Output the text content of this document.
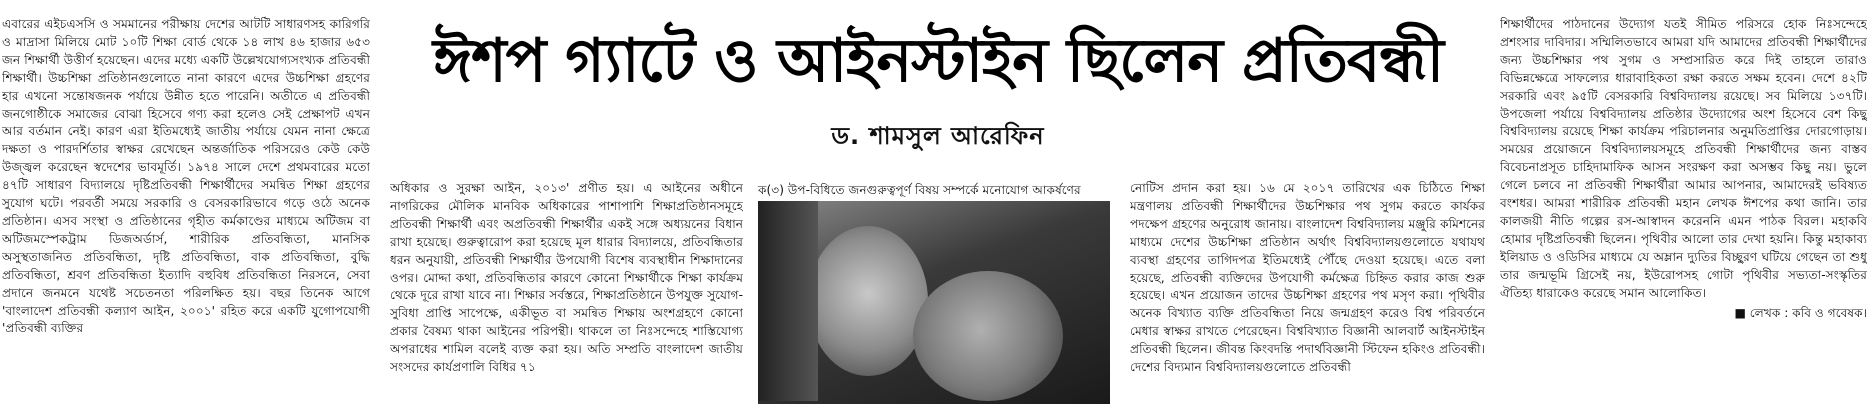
এবারের এইচএসসি ও সমমানের পরীক্ষায় দেশের আটটি সাধারণসহ কারিগরি ও মাদ্রাসা মিলিয়ে মোট ১০টি শিক্ষা বোর্ড থেকে ১৪ লাখ ৪৬ হাজার ৬৫৩ জন শিক্ষার্থী উত্তীর্ণ হয়েছেন। এদের মধ্যে একটি উল্লেখযোগ্যসংখ্যক প্রতিবন্ধী শিক্ষার্থী। উচ্চশিক্ষা প্রতিষ্ঠানগুলোতে নানা কারণে এদের উচ্চশিক্ষা গ্রহণের হার এখনো সন্তোষজনক পর্যায়ে উন্নীত হতে পারেনি। অতীতে এ প্রতিবন্ধী জনগোষ্ঠীকে সমাজের বোঝা হিসেবে গণ্য করা হলেও সেই প্রেক্ষাপট এখন আর বর্তমান নেই। কারণ এরা ইতিমধ্যেই জাতীয় পর্যায়ে যেমন নানা ক্ষেত্রে দক্ষতা ও পারদর্শিতার স্বাক্ষর রেখেছেন অন্তর্জাতিক পরিসরেও কেউ কেউ উজ্জ্বল করেছেন স্বদেশের ভাবমূর্তি। ১৯৭৪ সালে দেশে প্রথমবারের মতো ৪৭টি সাধারণ বিদ্যালয়ে দৃষ্টিপ্রতিবন্ধী শিক্ষার্থীদের সমন্বিত শিক্ষা গ্রহণের সুযোগ ঘটে। পরবর্তী সময়ে সরকারি ও বেসরকারিভাবে গড়ে ওঠে অনেক প্রতিষ্ঠান। এসব সংস্থা ও প্রতিষ্ঠানের গৃহীত কর্মকাণ্ডের মাধ্যমে অটিজম বা অটিজমস্পেকট্রাম ডিজঅর্ডার্স, শারীরিক প্রতিবন্ধিতা, মানসিক অসুস্থতাজনিত প্রতিবন্ধিতা, দৃষ্টি প্রতিবন্ধিতা, বাক প্রতিবন্ধিতা, বুদ্ধি প্রতিবন্ধিতা, শ্রবণ প্রতিবন্ধিতা ইত্যাদি বহুবিধ প্রতিবন্ধিতা নিরসনে, সেবা প্রদানে জনমনে যথেষ্ট সচেতনতা পরিলক্ষিত হয়। বছর তিনেক আগে 'বাংলাদেশ প্রতিবন্ধী কল্যাণ আইন, ২০০১' রহিত করে একটি যুগোপযোগী 'প্রতিবন্ধী ব্যক্তির

ঈশপ গ্যাটে ও আইনস্টাইন ছিলেন প্রতিবন্ধী
ড. শামসুল আরেফিন

অধিকার ও সুরক্ষা আইন, ২০১৩' প্রণীত হয়। এ আইনের অধীনে নাগরিকের মৌলিক মানবিক অধিকারের পাশাপাশি শিক্ষাপ্রতিষ্ঠানসমূহে প্রতিবন্ধী শিক্ষার্থী এবং অপ্রতিবন্ধী শিক্ষার্থীর একই সঙ্গে অধ্যয়নের বিধান রাখা হয়েছে। গুরুত্বারোপ করা হয়েছে মূল ধারার বিদ্যালয়ে, প্রতিবন্ধিতার ধরন অনুযায়ী, প্রতিবন্ধী শিক্ষার্থীর উপযোগী বিশেষ ব্যবস্থাধীন শিক্ষাদানের ওপর। মোদ্দা কথা, প্রতিবন্ধিতার কারণে কোনো শিক্ষার্থীকে শিক্ষা কার্যক্রম থেকে দূরে রাখা যাবে না। শিক্ষার সর্বস্তরে, শিক্ষাপ্রতিষ্ঠানে উপযুক্ত সুযোগ-সুবিধা প্রাপ্তি সাপেক্ষে, একীভূত বা সমন্বিত শিক্ষায় অংশগ্রহণে কোনো প্রকার বৈষম্য থাকা আইনের পরিপন্থী। থাকলে তা নিঃসন্দেহে শাস্তিযোগ্য অপরাধের শামিল বলেই ব্যক্ত করা হয়। অতি সম্প্রতি বাংলাদেশ জাতীয় সংসদের কার্যপ্রণালি বিধির ৭১

ক(৩) উপ-বিধিতে জনগুরুত্বপূর্ণ বিষয় সম্পর্কে মনোযোগ আকর্ষণের	নোটিস প্রদান করা হয়। ১৬ মে ২০১৭ তারিখের এক চিঠিতে শিক্ষা মন্ত্রণালয় প্রতিবন্ধী শিক্ষার্থীদের উচ্চশিক্ষার পথ সুগম করতে কার্যকর পদক্ষেপ গ্রহণের অনুরোধ জানায়। বাংলাদেশ বিশ্ববিদ্যালয় মঞ্জুরি কমিশনের মাধ্যমে দেশের উচ্চশিক্ষা প্রতিষ্ঠান অর্থাৎ বিশ্ববিদ্যালয়গুলোতে যথাযথ ব্যবস্থা গ্রহণের তাগিদপত্র ইতিমধ্যেই পৌঁছে দেওয়া হয়েছে। এতে বলা হয়েছে, প্রতিবন্ধী ব্যক্তিদের উপযোগী কর্মক্ষেত্র চিহ্নিত করার কাজ শুরু হয়েছে। এখন প্রয়োজন তাদের উচ্চশিক্ষা গ্রহণের পথ মসৃণ করা। পৃথিবীর অনেক বিখ্যাত ব্যক্তি প্রতিবন্ধিতা নিয়ে জন্মগ্রহণ করেও বিশ্ব পরিবর্তনে মেধার স্বাক্ষর রাখতে পেরেছেন। বিশ্ববিখ্যাত বিজ্ঞানী আলবার্ট আইনস্টাইন প্রতিবন্ধী ছিলেন। জীবন্ত কিংবদন্তি পদার্থবিজ্ঞানী স্টিফেন হকিংও প্রতিবন্ধী। দেশের বিদ্যমান বিশ্ববিদ্যালয়গুলোতে প্রতিবন্ধী

শিক্ষার্থীদের পাঠদানের উদ্যোগ যতই সীমিত পরিসরে হোক নিঃসন্দেহে প্রশংসার দাবিদার। সম্মিলিতভাবে আমরা যদি আমাদের প্রতিবন্ধী শিক্ষার্থীদের জন্য উচ্চশিক্ষার পথ সুগম ও সম্প্রসারিত করে দিই তাহলে তারাও বিভিন্নক্ষেত্রে সাফল্যের ধারাবাহিকতা রক্ষা করতে সক্ষম হবেন। দেশে ৪২টি সরকারি এবং ৯৫টি বেসরকারি বিশ্ববিদ্যালয় রয়েছে। সব মিলিয়ে ১৩৭টি। উপজেলা পর্যায়ে বিশ্ববিদ্যালয় প্রতিষ্ঠার উদ্যোগের অংশ হিসেবে বেশ কিছু বিশ্ববিদ্যালয় রয়েছে শিক্ষা কার্যক্রম পরিচালনার অনুমতিপ্রাপ্তির দোরগোড়ায়। সময়ের প্রয়োজনে বিশ্ববিদ্যালয়সমূহে প্রতিবন্ধী শিক্ষার্থীদের জন্য বাস্তব বিবেচনাপ্রসূত চাহিদামাফিক আসন সংরক্ষণ করা অসম্ভব কিছু নয়। ভুলে গেলে চলবে না প্রতিবন্ধী শিক্ষার্থীরা আমার আপনার, আমাদেরই ভবিষ্যত বংশধর। আমরা শারীরিক প্রতিবন্ধী মহান লেখক ঈশপের কথা জানি। তার কালজয়ী নীতি গল্পের রস-আস্বাদন করেননি এমন পাঠক বিরল। মহাকবি হোমার দৃষ্টিপ্রতিবন্ধী ছিলেন। পৃথিবীর আলো তার দেখা হয়নি। কিন্তু মহাকাব্য ইলিয়াড ও ওডিসির মাধ্যমে যে অম্লান দ্যুতির বিচ্ছুরণ ঘটিয়ে গেছেন তা শুধু তার জন্মভূমি গ্রিসেই নয়, ইউরোপসহ গোটা পৃথিবীর সভ্যতা-সংস্কৃতির ঐতিহ্য ধারাকেও করেছে সমান আলোকিত।

■ লেখক : কবি ও গবেষক।
